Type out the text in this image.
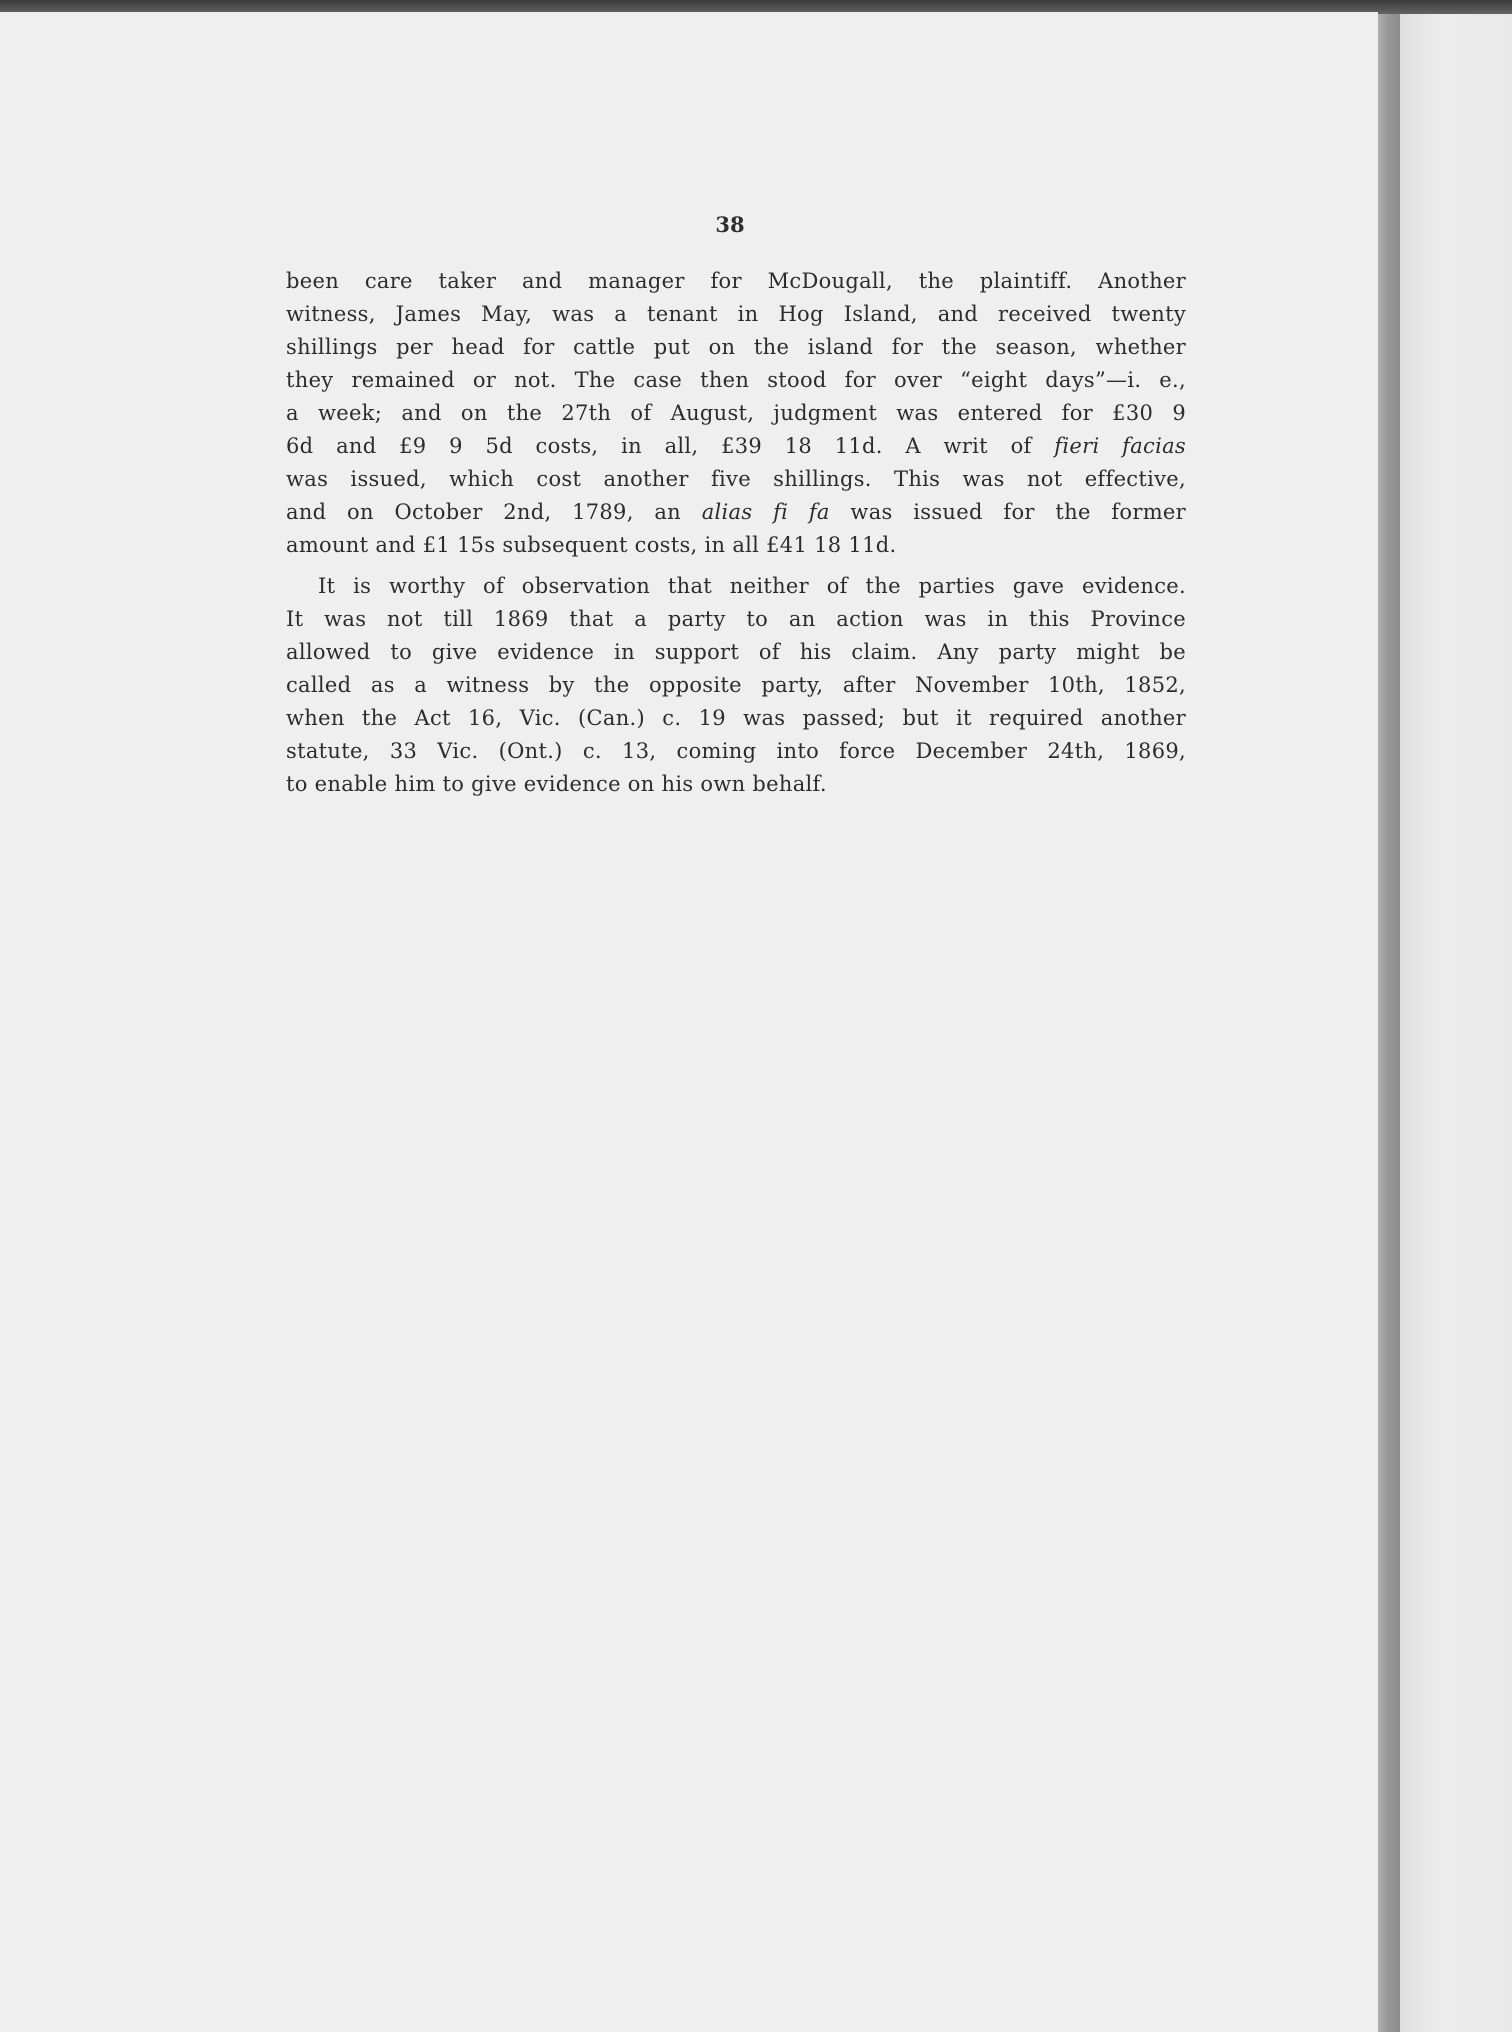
38

been care taker and manager for McDougall, the plaintiff. Another
witness, James May, was a tenant in Hog Island, and received twenty
shillings per head for cattle put on the island for the season, whether
they remained or not. The case then stood for over “eight days”—i. e.,
a week; and on the 27th of August, judgment was entered for £30 9
6d and £9 9 5d costs, in all, £39 18 11d. A writ of fieri facias
was issued, which cost another five shillings. This was not effective,
and on October 2nd, 1789, an alias fi fa was issued for the former
amount and £1 15s subsequent costs, in all £41 18 11d.

It is worthy of observation that neither of the parties gave evidence.
It was not till 1869 that a party to an action was in this Province
allowed to give evidence in support of his claim. Any party might be
called as a witness by the opposite party, after November 10th, 1852,
when the Act 16, Vic. (Can.) c. 19 was passed; but it required another
statute, 33 Vic. (Ont.) c. 13, coming into force December 24th, 1869,
to enable him to give evidence on his own behalf.
